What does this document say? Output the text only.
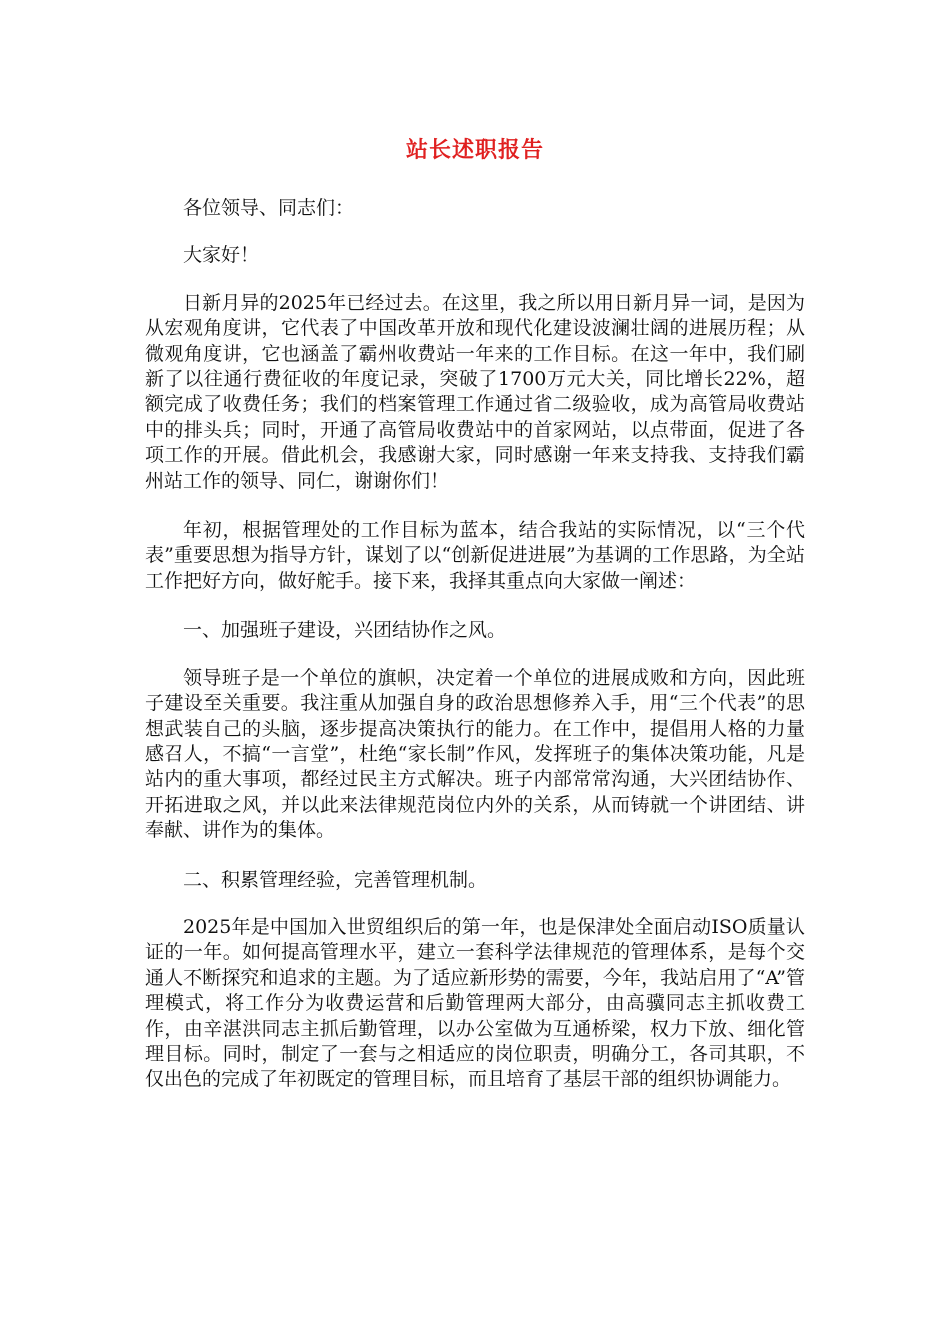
站长述职报告

各位领导、同志们：

大家好！

日新月异的2025年已经过去。在这里，我之所以用日新月异一词，是因为从宏观角度讲，它代表了中国改革开放和现代化建设波澜壮阔的进展历程；从微观角度讲，它也涵盖了霸州收费站一年来的工作目标。在这一年中，我们刷新了以往通行费征收的年度记录，突破了1700万元大关，同比增长22%，超额完成了收费任务；我们的档案管理工作通过省二级验收，成为高管局收费站中的排头兵；同时，开通了高管局收费站中的首家网站，以点带面，促进了各项工作的开展。借此机会，我感谢大家，同时感谢一年来支持我、支持我们霸州站工作的领导、同仁，谢谢你们！

年初，根据管理处的工作目标为蓝本，结合我站的实际情况，以“三个代表”重要思想为指导方针，谋划了以“创新促进进展”为基调的工作思路，为全站工作把好方向，做好舵手。接下来，我择其重点向大家做一阐述：

一、加强班子建设，兴团结协作之风。

领导班子是一个单位的旗帜，决定着一个单位的进展成败和方向，因此班子建设至关重要。我注重从加强自身的政治思想修养入手，用“三个代表”的思想武装自己的头脑，逐步提高决策执行的能力。在工作中，提倡用人格的力量感召人，不搞“一言堂”，杜绝“家长制”作风，发挥班子的集体决策功能，凡是站内的重大事项，都经过民主方式解决。班子内部常常沟通，大兴团结协作、开拓进取之风，并以此来法律规范岗位内外的关系，从而铸就一个讲团结、讲奉献、讲作为的集体。

二、积累管理经验，完善管理机制。

2025年是中国加入世贸组织后的第一年，也是保津处全面启动ISO质量认证的一年。如何提高管理水平，建立一套科学法律规范的管理体系，是每个交通人不断探究和追求的主题。为了适应新形势的需要，今年，我站启用了“A”管理模式，将工作分为收费运营和后勤管理两大部分，由高骥同志主抓收费工作，由辛湛洪同志主抓后勤管理，以办公室做为互通桥梁，权力下放、细化管理目标。同时，制定了一套与之相适应的岗位职责，明确分工，各司其职，不仅出色的完成了年初既定的管理目标，而且培育了基层干部的组织协调能力。
